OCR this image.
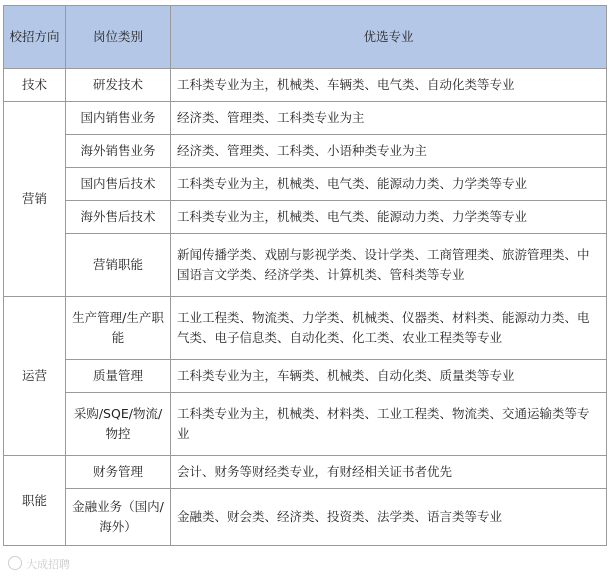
校招方向	岗位类别	优选专业
技术	研发技术	工科类专业为主，机械类、车辆类、电气类、自动化类等专业
营销	国内销售业务	经济类、管理类、工科类专业为主
	海外销售业务	经济类、管理类、工科类、小语种类专业为主
	国内售后技术	工科类专业为主，机械类、电气类、能源动力类、力学类等专业
	海外售后技术	工科类专业为主，机械类、电气类、能源动力类、力学类等专业
	营销职能	新闻传播学类、戏剧与影视学类、设计学类、工商管理类、旅游管理类、中国语言文学类、经济学类、计算机类、管科类等专业
运营	生产管理/生产职能	工业工程类、物流类、力学类、机械类、仪器类、材料类、能源动力类、电气类、电子信息类、自动化类、化工类、农业工程类等专业
	质量管理	工科类专业为主，车辆类、机械类、自动化类、质量类等专业
	采购/SQE/物流/物控	工科类专业为主，机械类、材料类、工业工程类、物流类、交通运输类等专业
职能	财务管理	会计、财务等财经类专业，有财经相关证书者优先
	金融业务（国内/海外）	金融类、财会类、经济类、投资类、法学类、语言类等专业
大成招聘
